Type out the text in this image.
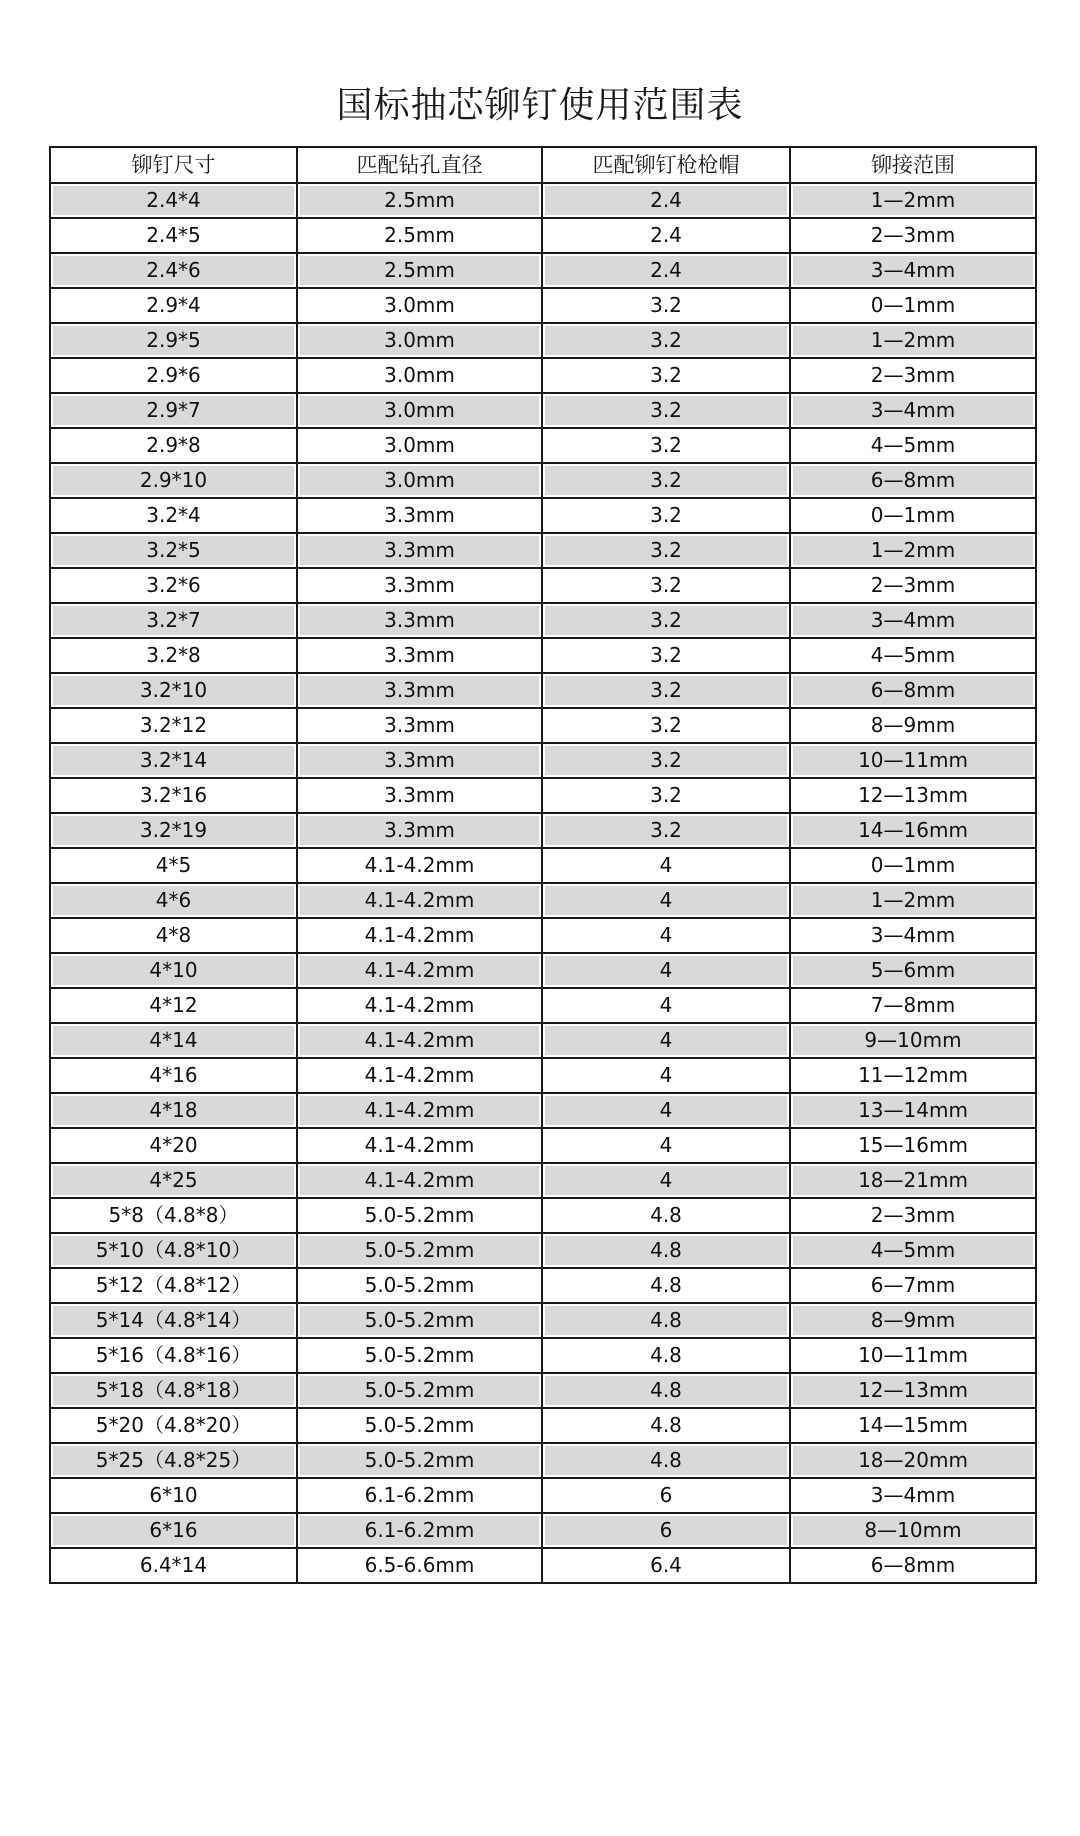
国标抽芯铆钉使用范围表
铆钉尺寸	匹配钻孔直径	匹配铆钉枪枪帽	铆接范围
2.4*4	2.5mm	2.4	1—2mm
2.4*5	2.5mm	2.4	2—3mm
2.4*6	2.5mm	2.4	3—4mm
2.9*4	3.0mm	3.2	0—1mm
2.9*5	3.0mm	3.2	1—2mm
2.9*6	3.0mm	3.2	2—3mm
2.9*7	3.0mm	3.2	3—4mm
2.9*8	3.0mm	3.2	4—5mm
2.9*10	3.0mm	3.2	6—8mm
3.2*4	3.3mm	3.2	0—1mm
3.2*5	3.3mm	3.2	1—2mm
3.2*6	3.3mm	3.2	2—3mm
3.2*7	3.3mm	3.2	3—4mm
3.2*8	3.3mm	3.2	4—5mm
3.2*10	3.3mm	3.2	6—8mm
3.2*12	3.3mm	3.2	8—9mm
3.2*14	3.3mm	3.2	10—11mm
3.2*16	3.3mm	3.2	12—13mm
3.2*19	3.3mm	3.2	14—16mm
4*5	4.1-4.2mm	4	0—1mm
4*6	4.1-4.2mm	4	1—2mm
4*8	4.1-4.2mm	4	3—4mm
4*10	4.1-4.2mm	4	5—6mm
4*12	4.1-4.2mm	4	7—8mm
4*14	4.1-4.2mm	4	9—10mm
4*16	4.1-4.2mm	4	11—12mm
4*18	4.1-4.2mm	4	13—14mm
4*20	4.1-4.2mm	4	15—16mm
4*25	4.1-4.2mm	4	18—21mm
5*8（4.8*8）	5.0-5.2mm	4.8	2—3mm
5*10（4.8*10）	5.0-5.2mm	4.8	4—5mm
5*12（4.8*12）	5.0-5.2mm	4.8	6—7mm
5*14（4.8*14）	5.0-5.2mm	4.8	8—9mm
5*16（4.8*16）	5.0-5.2mm	4.8	10—11mm
5*18（4.8*18）	5.0-5.2mm	4.8	12—13mm
5*20（4.8*20）	5.0-5.2mm	4.8	14—15mm
5*25（4.8*25）	5.0-5.2mm	4.8	18—20mm
6*10	6.1-6.2mm	6	3—4mm
6*16	6.1-6.2mm	6	8—10mm
6.4*14	6.5-6.6mm	6.4	6—8mm
